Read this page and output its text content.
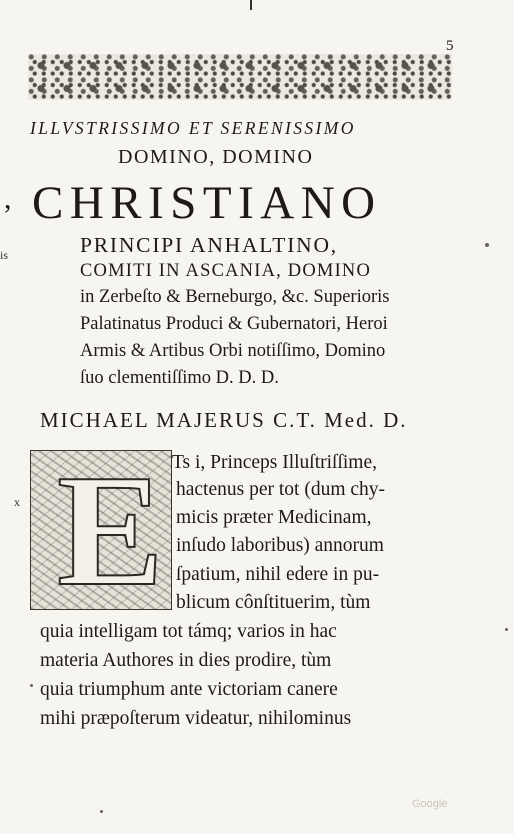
5
ILLVSTRISSIMO ET SERENISSIMO
DOMINO, DOMINO
CHRISTIANO
PRINCIPI ANHALTINO,
COMITI IN ASCANIA, DOMINO
in Zerbeſto & Berneburgo, &c. Superioris
Palatinatus Produci & Gubernatori, Heroi
Armis & Artibus Orbi notiſſimo, Domino
ſuo clementiſſimo D. D. D.
MICHAEL MAJERUS C.T. Med. D.
E Ts i, Princeps Illuſtriſſime,
hactenus per tot (dum chy-
micis præter Medicinam,
inſudo laboribus) annorum
ſpatium, nihil edere in pu-
blicum cônſtituerim, tùm
quia intelligam tot támq; varios in hac
materia Authores in dies prodire, tùm
quia triumphum ante victoriam canere
mihi præpoſterum videatur, nihilominus
,
is
x
Google
